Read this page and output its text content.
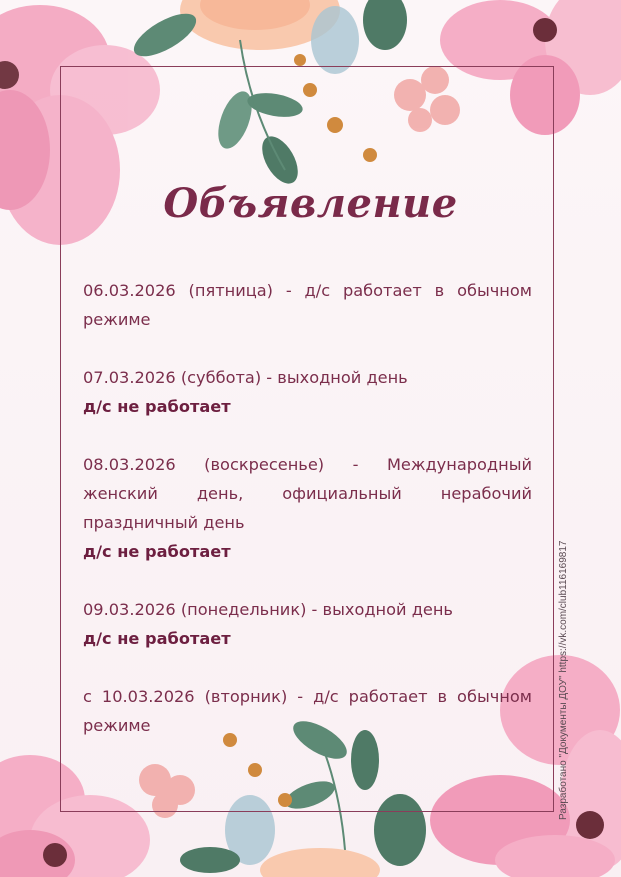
Объявление

06.03.2026 (пятница) - д/с работает в обычном режиме

07.03.2026 (суббота) - выходной день

д/с не работает

08.03.2026 (воскресенье) - Международный женский день, официальный нерабочий праздничный день

д/с не работает

09.03.2026 (понедельник) - выходной день

д/с не работает

с 10.03.2026 (вторник) - д/с работает в обычном режиме	Разработано "Документы ДОУ" https://vk.com/club116169817
